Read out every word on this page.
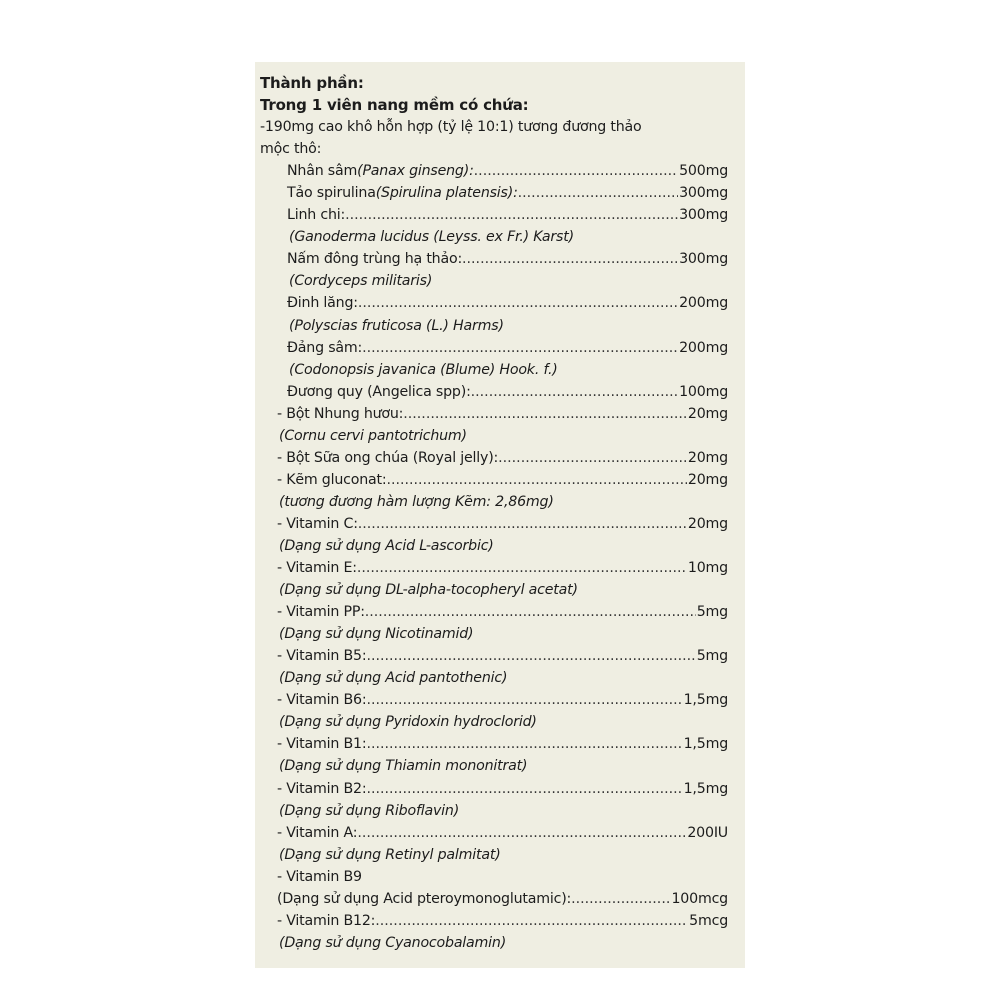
Thành phần:
Trong 1 viên nang mềm có chứa:
-190mg cao khô hỗn hợp (tỷ lệ 10:1) tương đương thảo
mộc thô:
Nhân sâm (Panax ginseng): .....	500mg
Tảo spirulina (Spirulina platensis): .....	300mg
Linh chi: .....	300mg
(Ganoderma lucidus (Leyss. ex Fr.) Karst)
Nấm đông trùng hạ thảo: .....	300mg
(Cordyceps militaris)
Đinh lăng: .....	200mg
(Polyscias fruticosa (L.) Harms)
Đảng sâm: .....	200mg
(Codonopsis javanica (Blume) Hook. f.)
Đương quy (Angelica spp): .....	100mg
- Bột Nhung hươu: .....	20mg
(Cornu cervi pantotrichum)
- Bột Sữa ong chúa (Royal jelly): .....	20mg
- Kẽm gluconat: .....	20mg
(tương đương hàm lượng Kẽm: 2,86mg)
- Vitamin C: .....	20mg
(Dạng sử dụng Acid L-ascorbic)
- Vitamin E: .....	10mg
(Dạng sử dụng DL-alpha-tocopheryl acetat)
- Vitamin PP: .....	5mg
(Dạng sử dụng Nicotinamid)
- Vitamin B5: .....	5mg
(Dạng sử dụng Acid pantothenic)
- Vitamin B6: .....	1,5mg
(Dạng sử dụng Pyridoxin hydroclorid)
- Vitamin B1: .....	1,5mg
(Dạng sử dụng Thiamin mononitrat)
- Vitamin B2: .....	1,5mg
(Dạng sử dụng Riboflavin)
- Vitamin A: .....	200IU
(Dạng sử dụng Retinyl palmitat)
- Vitamin B9
(Dạng sử dụng Acid pteroymonoglutamic): .....	100mcg
- Vitamin B12: .....	5mcg
(Dạng sử dụng Cyanocobalamin)
